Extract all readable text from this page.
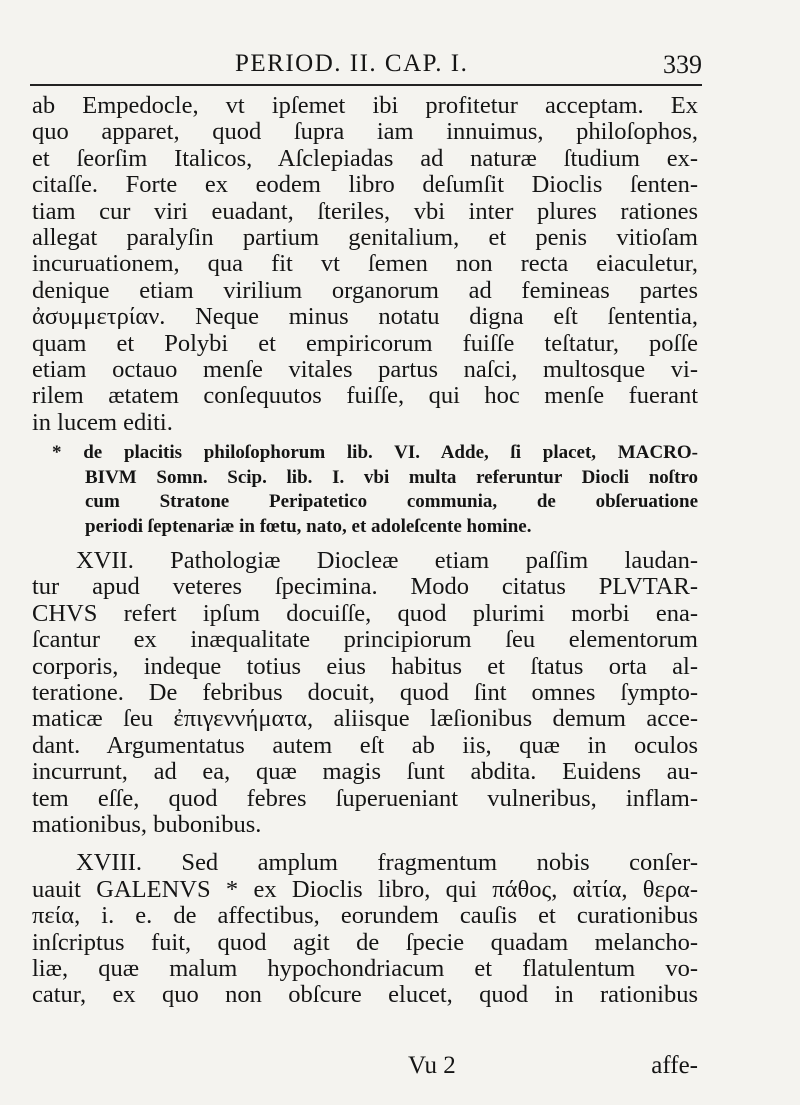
PERIOD. II. CAP. I.	339
ab Empedocle, vt ipſemet ibi profitetur acceptam. Ex
quo apparet, quod ſupra iam innuimus, philoſophos,
et ſeorſim Italicos, Aſclepiadas ad naturæ ſtudium ex-
citaſſe. Forte ex eodem libro deſumſit Dioclis ſenten-
tiam cur viri euadant, ſteriles, vbi inter plures rationes
allegat paralyſin partium genitalium, et penis vitioſam
incuruationem, qua fit vt ſemen non recta eiaculetur,
denique etiam virilium organorum ad femineas partes
ἀσυμμετρίαν. Neque minus notatu digna eſt ſententia,
quam et Polybi et empiricorum fuiſſe teſtatur, poſſe
etiam octauo menſe vitales partus naſci, multosque vi-
rilem ætatem conſequutos fuiſſe, qui hoc menſe fuerant
in lucem editi.
* de placitis philoſophorum lib. VI. Adde, ſi placet, MACRO-
BIVM Somn. Scip. lib. I. vbi multa referuntur Diocli noſtro
cum Stratone Peripatetico communia, de obſeruatione
periodi ſeptenariæ in fœtu, nato, et adoleſcente homine.
XVII. Pathologiæ Diocleæ etiam paſſim laudan-
tur apud veteres ſpecimina. Modo citatus PLVTAR-
CHVS refert ipſum docuiſſe, quod plurimi morbi ena-
ſcantur ex inæqualitate principiorum ſeu elementorum
corporis, indeque totius eius habitus et ſtatus orta al-
teratione. De febribus docuit, quod ſint omnes ſympto-
maticæ ſeu ἐπιγεννήματα, aliisque læſionibus demum acce-
dant. Argumentatus autem eſt ab iis, quæ in oculos
incurrunt, ad ea, quæ magis ſunt abdita. Euidens au-
tem eſſe, quod febres ſuperueniant vulneribus, inflam-
mationibus, bubonibus.
XVIII. Sed amplum fragmentum nobis conſer-
uauit GALENVS * ex Dioclis libro, qui πάθος, αἰτία, θερα-
πεία, i. e. de affectibus, eorundem cauſis et curationibus
inſcriptus fuit, quod agit de ſpecie quadam melancho-
liæ, quæ malum hypochondriacum et flatulentum vo-
catur, ex quo non obſcure elucet, quod in rationibus
Vu 2	affe-
